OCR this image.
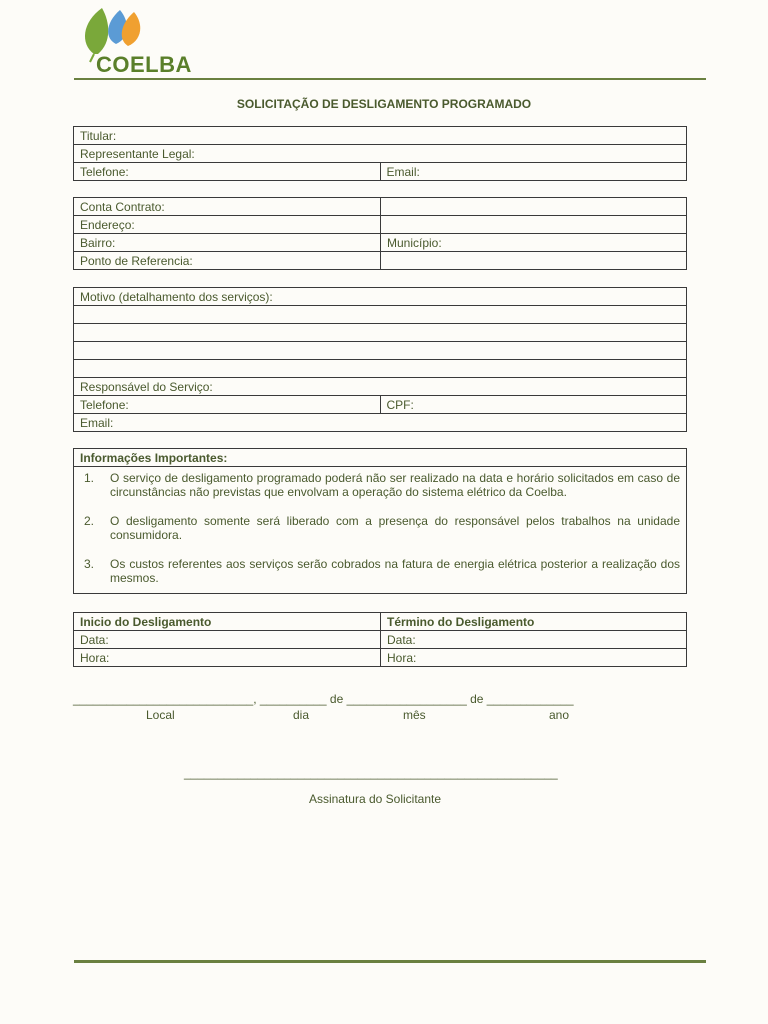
COELBA
SOLICITAÇÃO DE DESLIGAMENTO PROGRAMADO
Titular:
Representante Legal:
Telefone:	Email:
Conta Contrato:	
Endereço:	
Bairro:	Município:
Ponto de Referencia:	
Motivo (detalhamento dos serviços):

Responsável do Serviço:
Telefone:	CPF:
Email:
Informações Importantes:

1.	O serviço de desligamento programado poderá não ser realizado na data e horário solicitados em caso de circunstâncias não previstas que envolvam a operação do sistema elétrico da Coelba.
2.	O desligamento somente será liberado com a presença do responsável pelos trabalhos na unidade consumidora.
3.	Os custos referentes aos serviços serão cobrados na fatura de energia elétrica posterior a realização dos mesmos.
Inicio do Desligamento	Término do Desligamento
Data:	Data:
Hora:	Hora:
___________________________, __________ de __________________ de _____________
Local	dia	mês	ano
________________________________________________________
Assinatura do Solicitante
